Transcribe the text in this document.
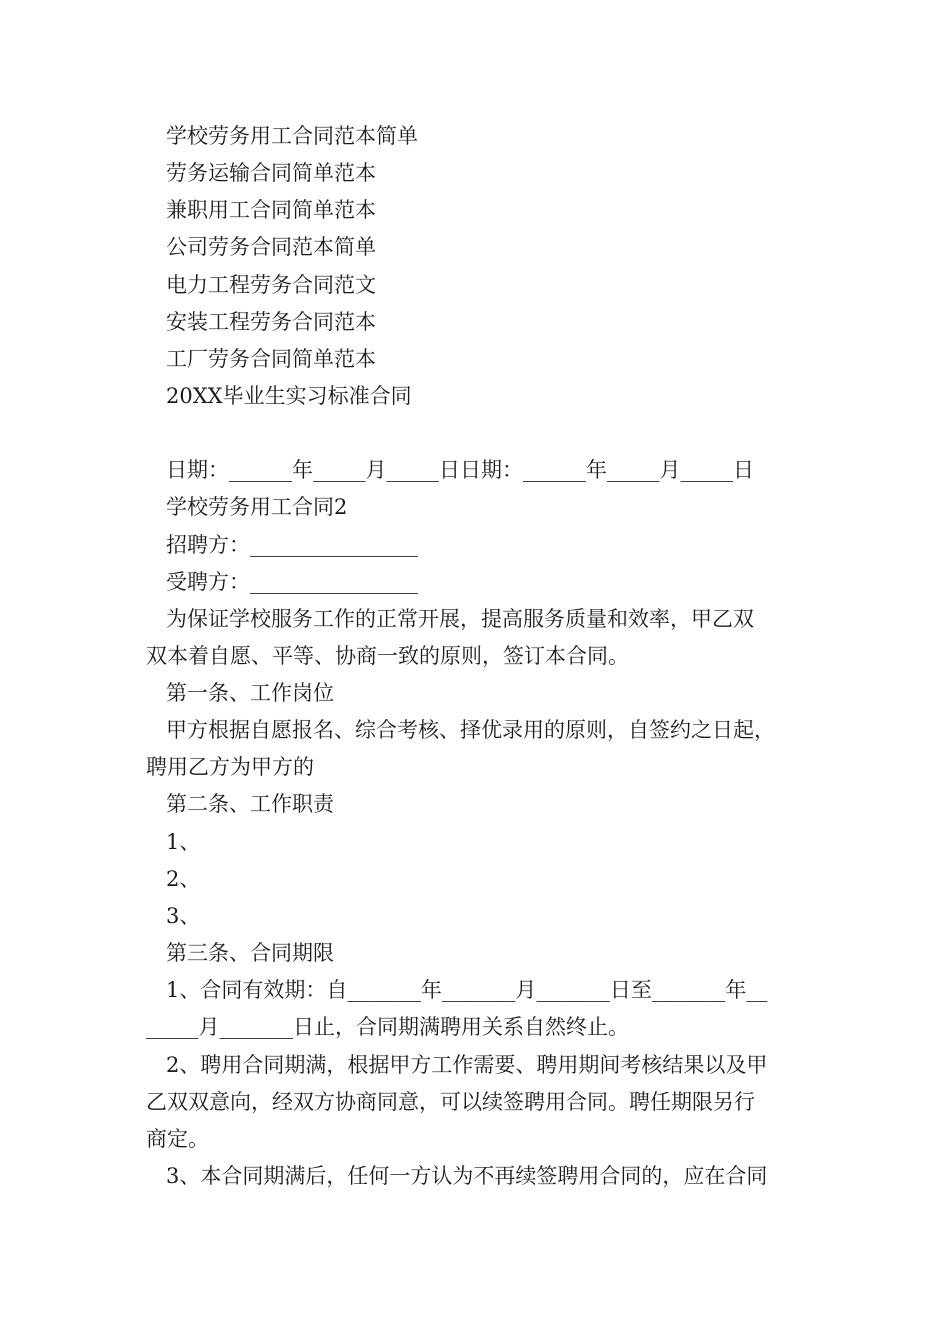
学校劳务用工合同范本简单
劳务运输合同简单范本
兼职用工合同简单范本
公司劳务合同范本简单
电力工程劳务合同范文
安装工程劳务合同范本
工厂劳务合同简单范本
20XX毕业生实习标准合同
日期：______年_____月_____日日期：______年_____月_____日
学校劳务用工合同2
招聘方：________________
受聘方：________________
为保证学校服务工作的正常开展，提高服务质量和效率，甲乙双
双本着自愿、平等、协商一致的原则，签订本合同。
第一条、工作岗位
甲方根据自愿报名、综合考核、择优录用的原则，自签约之日起，
聘用乙方为甲方的
第二条、工作职责
1、
2、
3、
第三条、合同期限
1、合同有效期：自_______年_______月_______日至_______年__
_____月_______日止，合同期满聘用关系自然终止。
2、聘用合同期满，根据甲方工作需要、聘用期间考核结果以及甲
乙双双意向，经双方协商同意，可以续签聘用合同。聘任期限另行
商定。
3、本合同期满后，任何一方认为不再续签聘用合同的，应在合同
